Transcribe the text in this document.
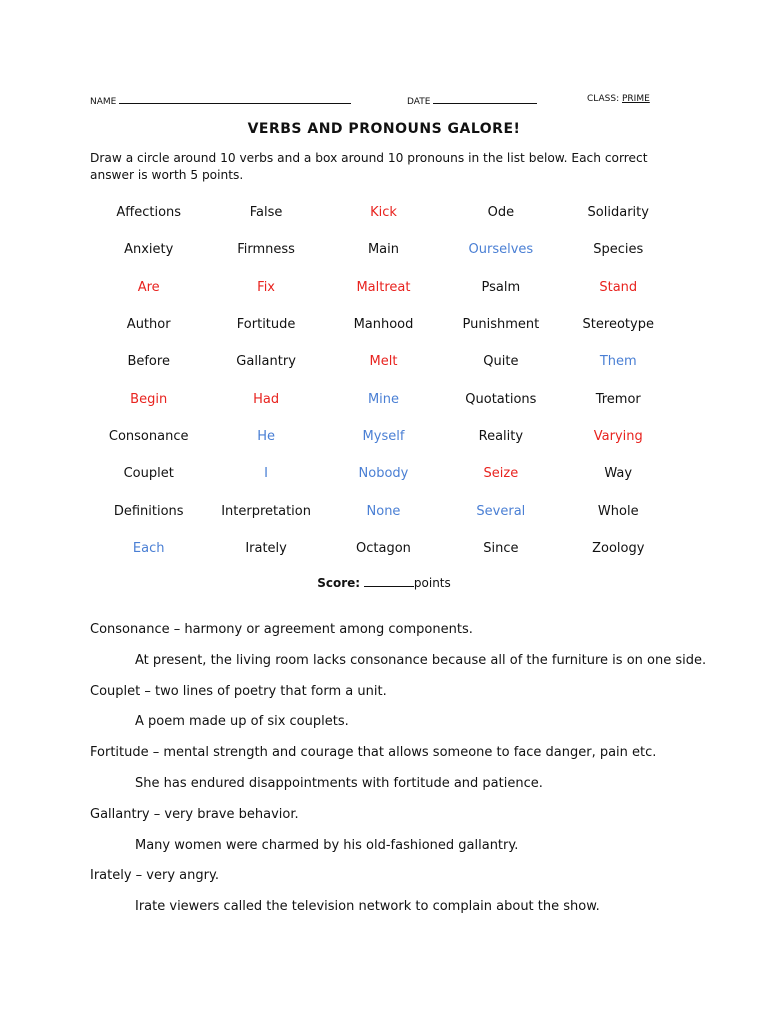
NAME	DATE	CLASS: PRIME
VERBS AND PRONOUNS GALORE!
Draw a circle around 10 verbs and a box around 10 pronouns in the list below. Each correct answer is worth 5 points.
Affections	False	Kick	Ode	Solidarity
Anxiety	Firmness	Main	Ourselves	Species
Are	Fix	Maltreat	Psalm	Stand
Author	Fortitude	Manhood	Punishment	Stereotype
Before	Gallantry	Melt	Quite	Them
Begin	Had	Mine	Quotations	Tremor
Consonance	He	Myself	Reality	Varying
Couplet	I	Nobody	Seize	Way
Definitions	Interpretation	None	Several	Whole
Each	Irately	Octagon	Since	Zoology
Score:	points
Consonance – harmony or agreement among components.
At present, the living room lacks consonance because all of the furniture is on one side.
Couplet – two lines of poetry that form a unit.
A poem made up of six couplets.
Fortitude – mental strength and courage that allows someone to face danger, pain etc.
She has endured disappointments with fortitude and patience.
Gallantry – very brave behavior.
Many women were charmed by his old-fashioned gallantry.
Irately – very angry.
Irate viewers called the television network to complain about the show.
